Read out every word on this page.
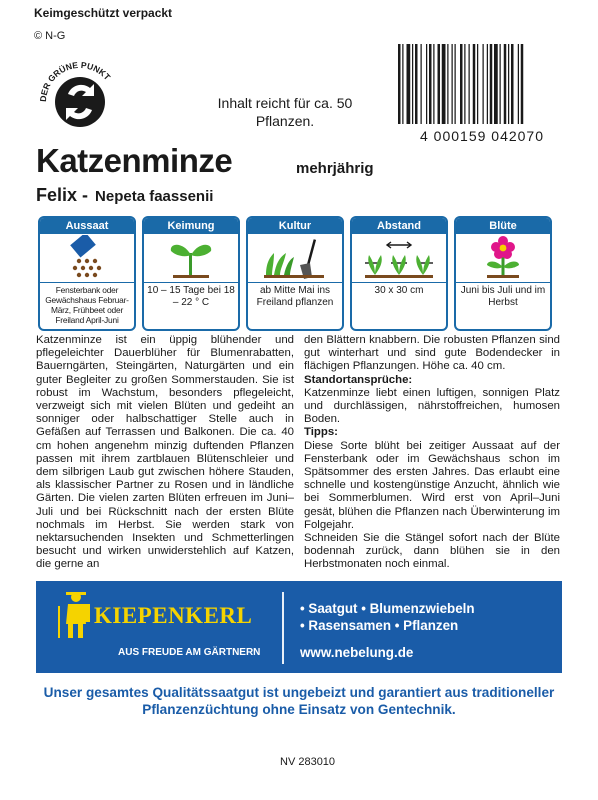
Keimgeschützt verpackt
© N-G
DER GRÜNE PUNKT
Inhalt reicht für ca. 50 Pflanzen.
4 000159 042070
Katzenminze	mehrjährig
Felix - Nepeta faassenii
Aussaat
Fensterbank oder Gewächshaus Februar-März, Frühbeet oder Freiland April-Juni
Keimung
10 – 15 Tage bei 18 – 22 ° C
Kultur
ab Mitte Mai ins Freiland pflanzen
Abstand
30 x 30 cm
Blüte
Juni bis Juli und im Herbst

Katzenminze ist ein üppig blühender und pflegeleichter Dauerblüher für Blumenrabatten, Bauerngärten, Steingärten, Naturgärten und ein guter Begleiter zu großen Sommerstauden. Sie ist robust im Wachstum, besonders pflegeleicht, verzweigt sich mit vielen Blüten und gedeiht an sonniger oder halbschattiger Stelle auch in Gefäßen auf Terrassen und Balkonen. Die ca. 40 cm hohen angenehm minzig duftenden Pflanzen passen mit ihrem zartblauen Blütenschleier und dem silbrigen Laub gut zwischen höhere Stauden, als klassischer Partner zu Rosen und in ländliche Gärten. Die vielen zarten Blüten erfreuen im Juni–Juli und bei Rückschnitt nach der ersten Blüte nochmals im Herbst. Sie werden stark von nektarsuchenden Insekten und Schmetterlingen besucht und wirken unwiderstehlich auf Katzen, die gerne an

den Blättern knabbern. Die robusten Pflanzen sind gut winterhart und sind gute Bodendecker in flächigen Pflanzungen. Höhe ca. 40 cm.

Standortansprüche:

Katzenminze liebt einen luftigen, sonnigen Platz und durchlässigen, nährstoffreichen, humosen Boden.

Tipps:

Diese Sorte blüht bei zeitiger Aussaat auf der Fensterbank oder im Gewächshaus schon im Spätsommer des ersten Jahres. Das erlaubt eine schnelle und kostengünstige Anzucht, ähnlich wie bei Sommerblumen. Wird erst von April–Juni gesät, blühen die Pflanzen nach Überwinterung im Folgejahr.

Schneiden Sie die Stängel sofort nach der Blüte bodennah zurück, dann blühen sie in den Herbstmonaten noch einmal.

KIEPENKERL
AUS FREUDE AM GÄRTNERN
• Saatgut • Blumenzwiebeln
• Rasensamen • Pflanzen
www.nebelung.de
Unser gesamtes Qualitätssaatgut ist ungebeizt und garantiert aus traditioneller Pflanzenzüchtung ohne Einsatz von Gentechnik.
NV 283010
